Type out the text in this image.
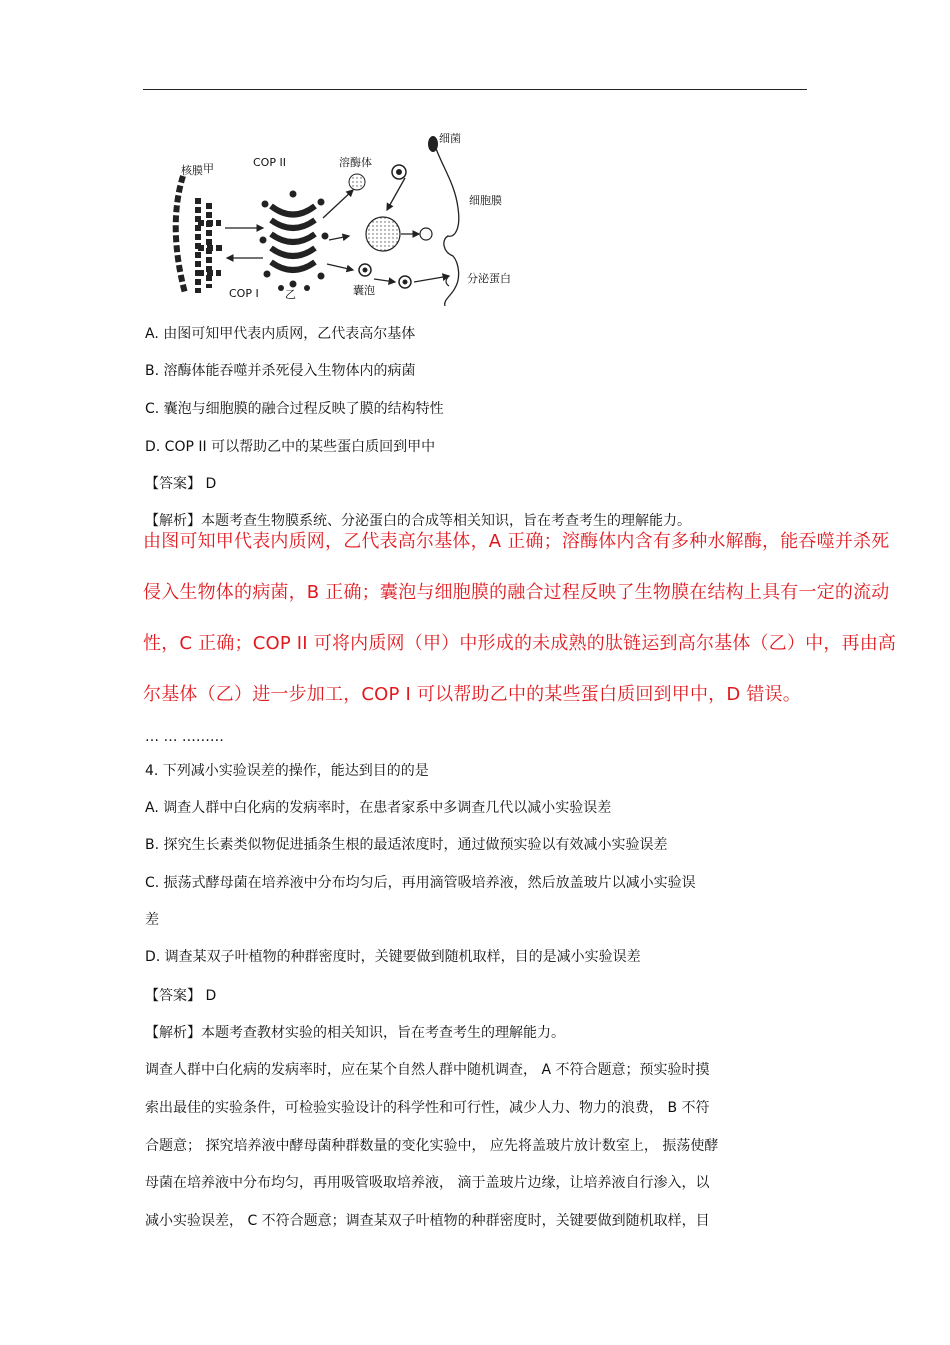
核膜 甲	COP II
COP I 乙
溶酶体
细菌
细胞膜
囊泡
分泌蛋白
A. 由图可知甲代表内质网，乙代表高尔基体
B. 溶酶体能吞噬并杀死侵入生物体内的病菌
C. 囊泡与细胞膜的融合过程反映了膜的结构特性
D. COP II 可以帮助乙中的某些蛋白质回到甲中
【答案】 D
【解析】本题考查生物膜系统、分泌蛋白的合成等相关知识，旨在考查考生的理解能力。
由图可知甲代表内质网，乙代表高尔基体，A 正确；溶酶体内含有多种水解酶，能吞噬并杀死
侵入生物体的病菌，B 正确；囊泡与细胞膜的融合过程反映了生物膜在结构上具有一定的流动
性，C 正确；COP II 可将内质网（甲）中形成的未成熟的肽链运到高尔基体（乙）中，再由高
尔基体（乙）进一步加工，COP I 可以帮助乙中的某些蛋白质回到甲中，D 错误。
… … ………
4. 下列减小实验误差的操作，能达到目的的是
A. 调查人群中白化病的发病率时，在患者家系中多调查几代以减小实验误差
B. 探究生长素类似物促进插条生根的最适浓度时，通过做预实验以有效减小实验误差
C. 振荡式酵母菌在培养液中分布均匀后，再用滴管吸培养液，然后放盖玻片以减小实验误
差
D. 调查某双子叶植物的种群密度时，关键要做到随机取样，目的是减小实验误差
【答案】 D
【解析】本题考查教材实验的相关知识，旨在考查考生的理解能力。
调查人群中白化病的发病率时，应在某个自然人群中随机调查， A 不符合题意；预实验时摸
索出最佳的实验条件，可检验实验设计的科学性和可行性，减少人力、物力的浪费， B 不符
合题意； 探究培养液中酵母菌种群数量的变化实验中， 应先将盖玻片放计数室上， 振荡使酵
母菌在培养液中分布均匀，再用吸管吸取培养液， 滴于盖玻片边缘，让培养液自行渗入，以
减小实验误差， C 不符合题意；调查某双子叶植物的种群密度时，关键要做到随机取样，目
